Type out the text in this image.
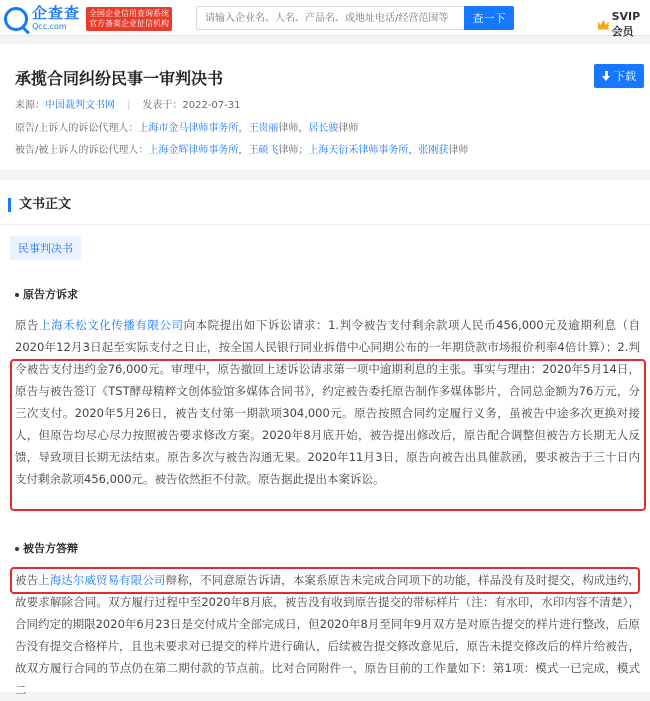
企查查
Qcc.com
全国企业信用查询系统
官方备案企业征信机构
请输入企业名、人名、产品名、或地址电话/经营范围等	查一下	SVIP会员
承揽合同纠纷民事一审判决书	下载
来源：中国裁判文书网 | 发表于：2022-07-31
原告/上诉人的诉讼代理人：上海市金马律师事务所，王贵丽律师，居长骏律师
被告/被上诉人的诉讼代理人：上海金辉律师事务所，王硕飞律师；上海天衍禾律师事务所，张刚获律师
文书正文
民事判决书
原告方诉求
原告上海禾松文化传播有限公司向本院提出如下诉讼请求：1.判令被告支付剩余款项人民币456,000元及逾期利息（自2020年12月3日起至实际支付之日止，按全国人民银行同业拆借中心同期公布的一年期贷款市场报价利率4倍计算）；2.判令被告支付违约金76,000元。审理中，原告撤回上述诉讼请求第一项中逾期利息的主张。事实与理由：2020年5月14日，原告与被告签订《TST酵母精粹文创体验馆多媒体合同书》，约定被告委托原告制作多媒体影片，合同总金额为76万元，分三次支付。2020年5月26日，被告支付第一期款项304,000元。原告按照合同约定履行义务，虽被告中途多次更换对接人，但原告均尽心尽力按照被告要求修改方案。2020年8月底开始，被告提出修改后，原告配合调整但被告方长期无人反馈，导致项目长期无法结束。原告多次与被告沟通无果。2020年11月3日，原告向被告出具催款函，要求被告于三十日内支付剩余款项456,000元。被告依然拒不付款。原告据此提出本案诉讼。
被告方答辩
被告上海达尔威贸易有限公司辩称，不同意原告诉请，本案系原告未完成合同项下的功能，样品没有及时提交，构成违约，故要求解除合同。双方履行过程中至2020年8月底，被告没有收到原告提交的带标样片（注：有水印，水印内容不清楚），合同约定的期限2020年6月23日是交付成片全部完成日，但2020年8月至同年9月双方是对原告提交的样片进行整改，后原告没有提交合格样片，且也未要求对已提交的样片进行确认，后续被告提交修改意见后，原告未提交修改后的样片给被告，故双方履行合同的节点仍在第二期付款的节点前。比对合同附件一，原告目前的工作量如下：第1项：模式一已完成，模式二
